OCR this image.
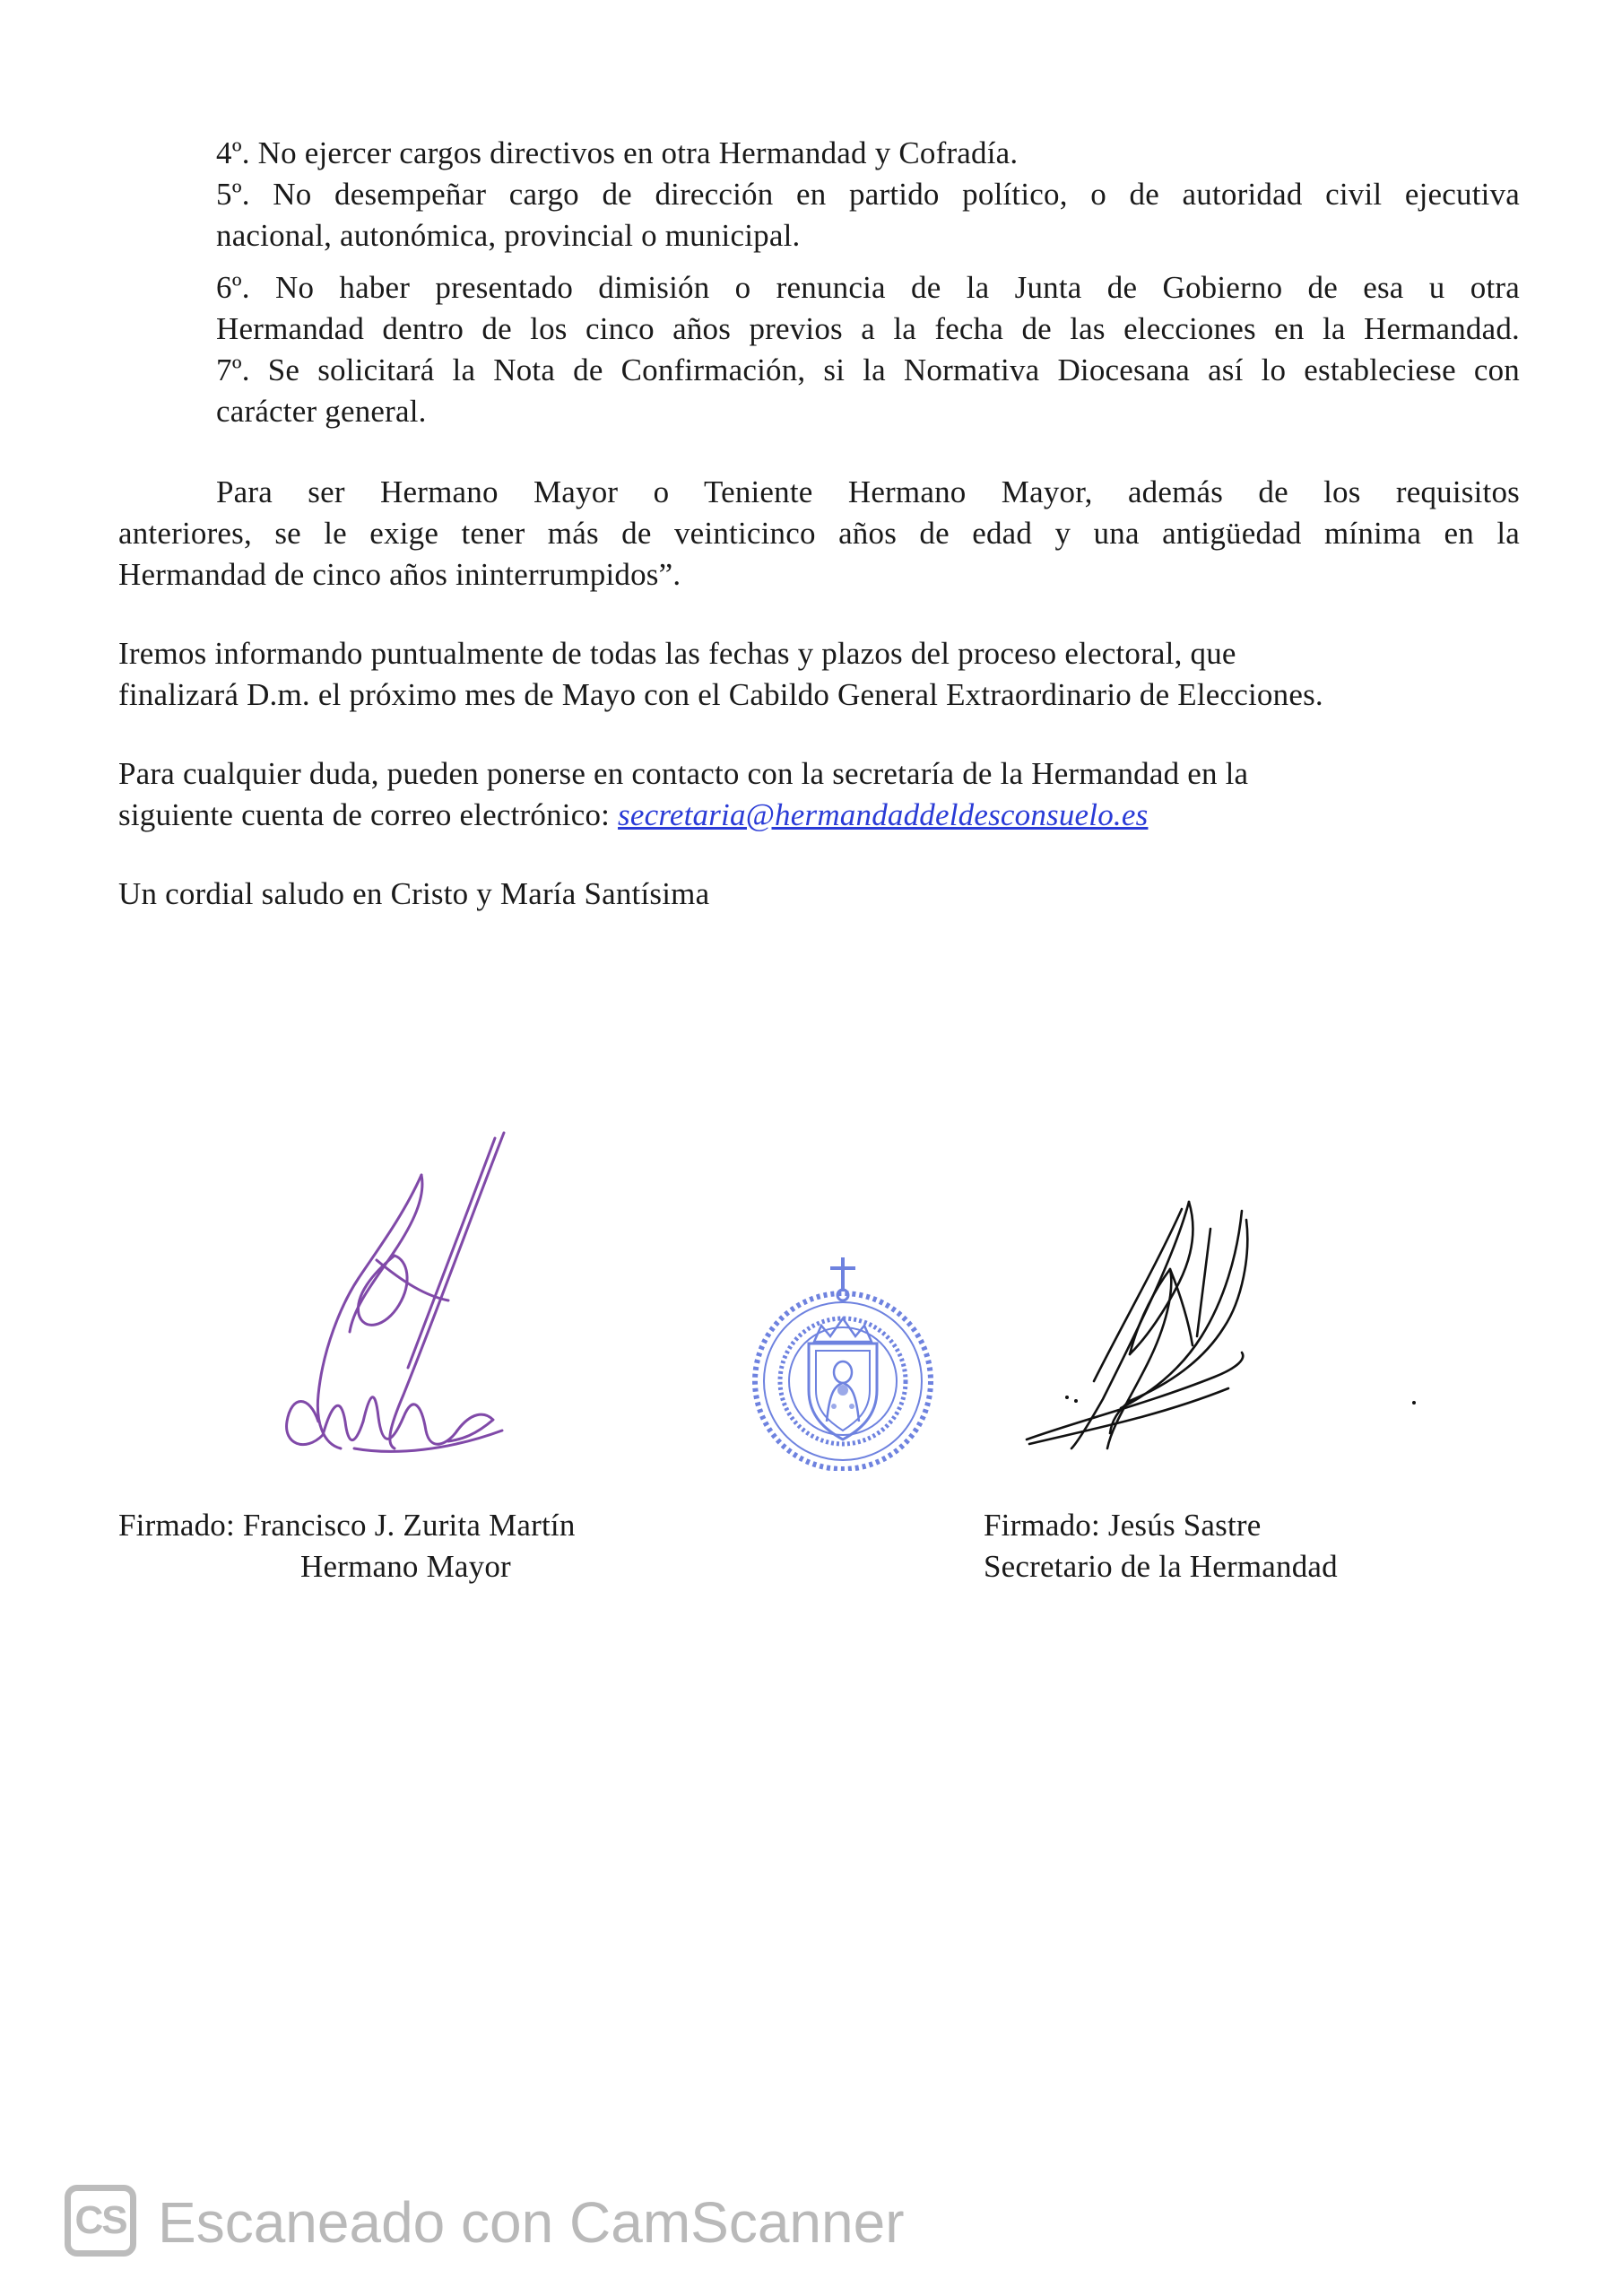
4º. No ejercer cargos directivos en otra Hermandad y Cofradía.
5º. No desempeñar cargo de dirección en partido político, o de autoridad civil ejecutiva
nacional, autonómica, provincial o municipal.
6º. No haber presentado dimisión o renuncia de la Junta de Gobierno de esa u otra
Hermandad dentro de los cinco años previos a la fecha de las elecciones en la Hermandad.
7º. Se solicitará la Nota de Confirmación, si la Normativa Diocesana así lo estableciese con
carácter general.
Para ser Hermano Mayor o Teniente Hermano Mayor, además de los requisitos
anteriores, se le exige tener más de veinticinco años de edad y una antigüedad mínima en la
Hermandad de cinco años ininterrumpidos”.
Iremos informando puntualmente de todas las fechas y plazos del proceso electoral, que
finalizará D.m. el próximo mes de Mayo con el Cabildo General Extraordinario de Elecciones.
Para cualquier duda, pueden ponerse en contacto con la secretaría de la Hermandad en la
siguiente cuenta de correo electrónico: secretaria@hermandaddeldesconsuelo.es
Un cordial saludo en Cristo y María Santísima
Firmado: Francisco J. Zurita Martín
Hermano Mayor
Firmado: Jesús Sastre
Secretario de la Hermandad
CS Escaneado con CamScanner
